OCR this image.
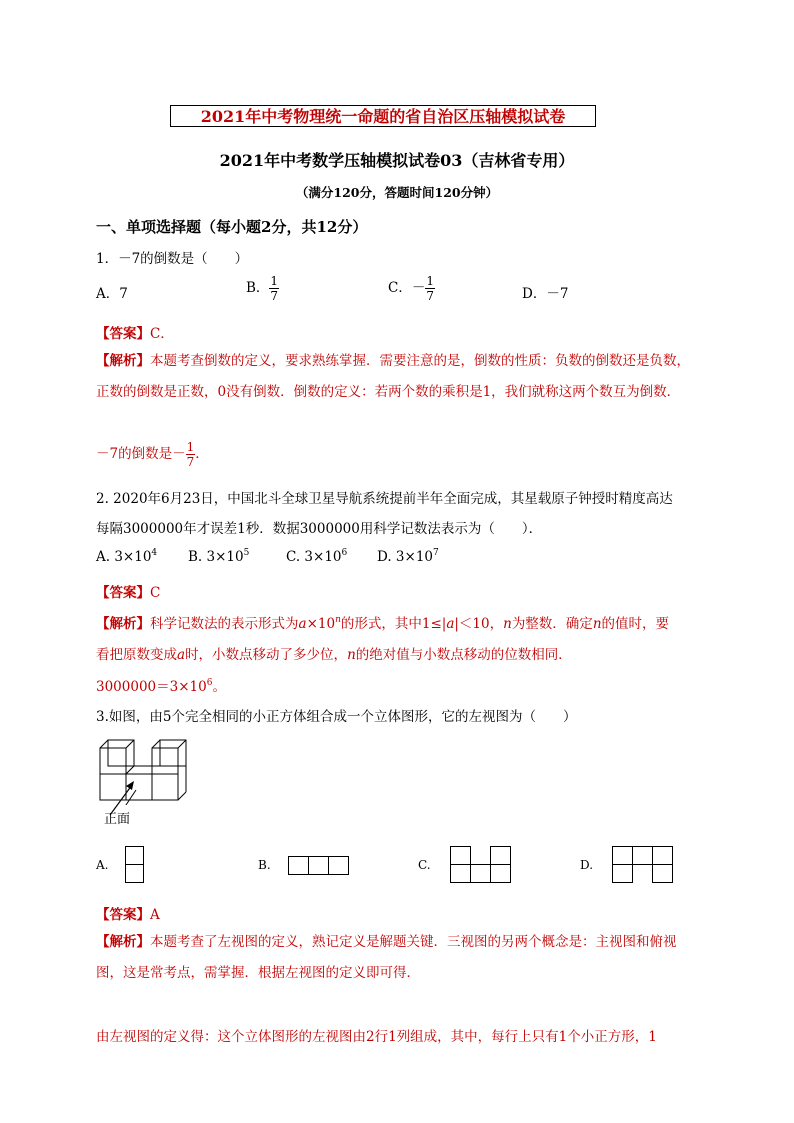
2021年中考物理统一命题的省自治区压轴模拟试卷
2021年中考数学压轴模拟试卷03（吉林省专用）
（满分120分，答题时间120分钟）
一、单项选择题（每小题2分，共12分）
1．－7的倒数是（　　）
A．7	B． $\frac{1}{7}$	C．－ $\frac{1}{7}$	D．－7
【答案】C．
【解析】本题考查倒数的定义，要求熟练掌握．需要注意的是，倒数的性质：负数的倒数还是负数，正数的倒数是正数，0没有倒数．倒数的定义：若两个数的乘积是1，我们就称这两个数互为倒数．
－7的倒数是－ $\frac{1}{7}$ ．
2. 2020年6月23日，中国北斗全球卫星导航系统提前半年全面完成，其星载原子钟授时精度高达
每隔3000000年才误差1秒．数据3000000用科学记数法表示为（　　）．
A. $3\times 10^4$ B. $3\times 10^5$	C. $3\times 10^6$ D. $3\times 10^7$
【答案】C
【解析】科学记数法的表示形式为$a\times 10^n$的形式，其中1≤|a|＜10，n为整数．确定n的值时，要
看把原数变成a时，小数点移动了多少位，n的绝对值与小数点移动的位数相同．
$3000000=3\times 10^6$。
3.如图，由5个完全相同的小正方体组合成一个立体图形，它的左视图为（　　）
正面
A.	B.	C.	D.
【答案】A
【解析】本题考查了左视图的定义，熟记定义是解题关键．三视图的另两个概念是：主视图和俯视图，这是常考点，需掌握．根据左视图的定义即可得．
由左视图的定义得：这个立体图形的左视图由2行1列组成，其中，每行上只有1个小正方形，1
